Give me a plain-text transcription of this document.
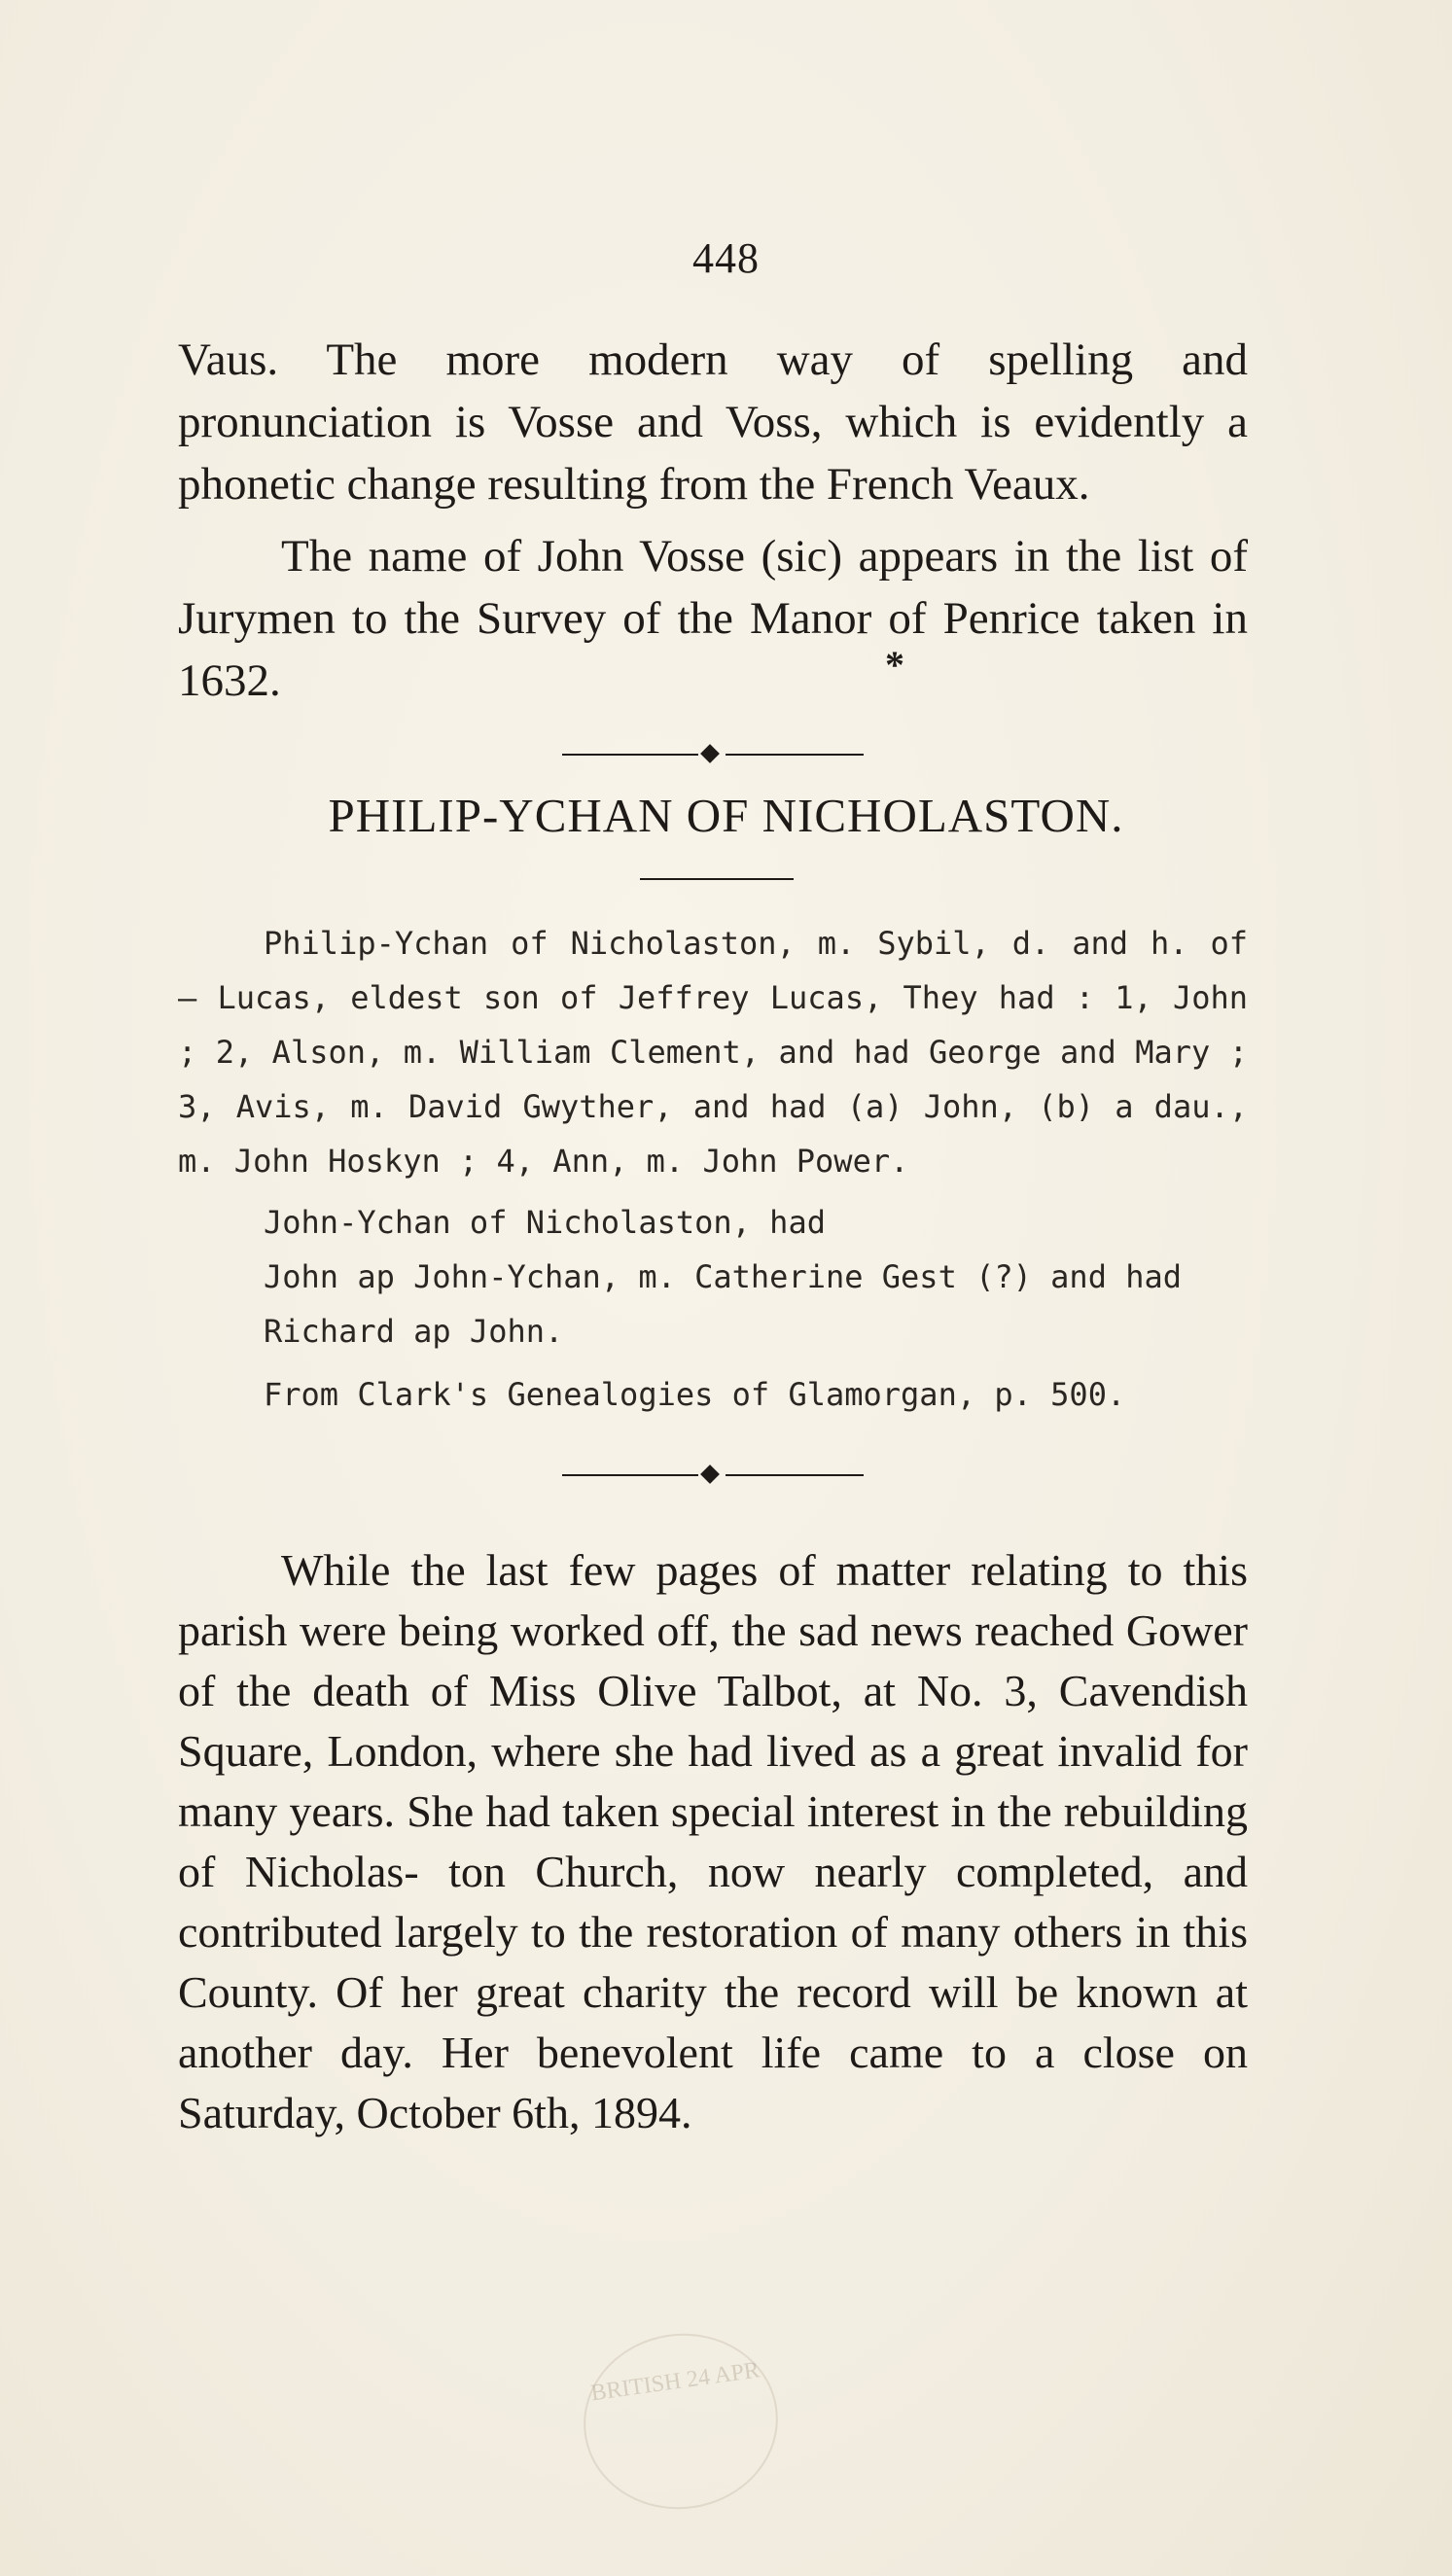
448
Vaus. The more modern way of spelling and pronunciation is Vosse and Voss, which is evidently a phonetic change resulting from the French Veaux.
The name of John Vosse (sic) appears in the list of Jurymen to the Survey of the Manor of Penrice taken in 1632.	*
PHILIP-YCHAN OF NICHOLASTON.
Philip-Ychan of Nicholaston, m. Sybil, d. and h. of — Lucas, eldest son of Jeffrey Lucas, They had : 1, John ; 2, Alson, m. William Clement, and had George and Mary ; 3, Avis, m. David Gwyther, and had (a) John, (b) a dau., m. John Hoskyn ; 4, Ann, m. John Power.
John-Ychan of Nicholaston, had
John ap John-Ychan, m. Catherine Gest (?) and had
Richard ap John.
From Clark's Genealogies of Glamorgan, p. 500.
While the last few pages of matter relating to this parish were being worked off, the sad news reached Gower of the death of Miss Olive Talbot, at No. 3, Cavendish Square, London, where she had lived as a great invalid for many years. She had taken special interest in the rebuilding of Nicholas- ton Church, now nearly completed, and contributed largely to the restoration of many others in this County. Of her great charity the record will be known at another day. Her benevolent life came to a close on Saturday, October 6th, 1894.
BRITISH 24 APR
